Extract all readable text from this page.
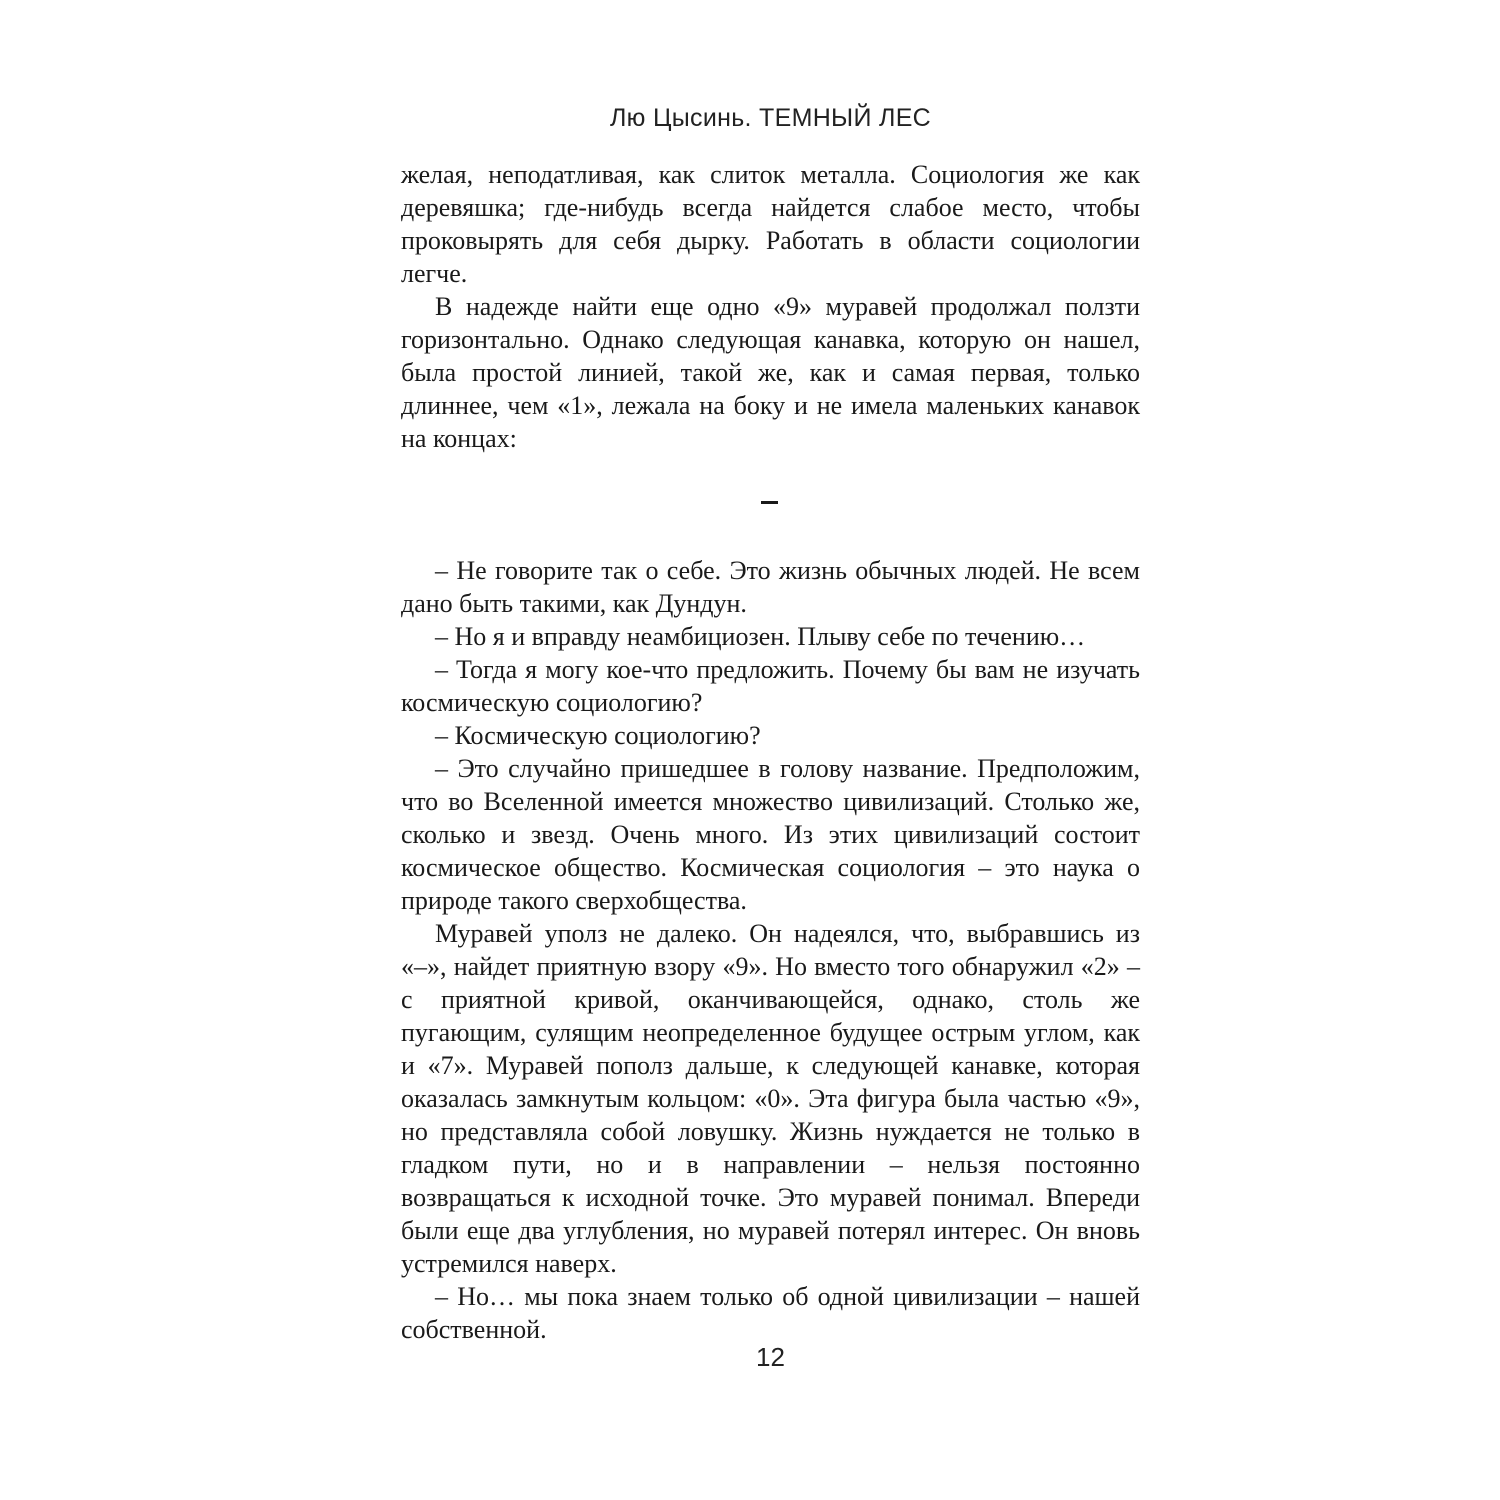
Лю Цысинь. ТЕМНЫЙ ЛЕС

желая, неподатливая, как слиток металла. Социология же как деревяшка; где-нибудь всегда найдется слабое место, чтобы проковырять для себя дырку. Работать в области социологии легче.

В надежде найти еще одно «9» муравей продолжал ползти горизонтально. Однако следующая канавка, которую он нашел, была простой линией, такой же, как и самая первая, только длиннее, чем «1», лежала на боку и не имела маленьких канавок на концах:

– Не говорите так о себе. Это жизнь обычных людей. Не всем дано быть такими, как Дундун.

– Но я и вправду неамбициозен. Плыву себе по течению…

– Тогда я могу кое-что предложить. Почему бы вам не изучать космическую социологию?

– Космическую социологию?

– Это случайно пришедшее в голову название. Предположим, что во Вселенной имеется множество цивилизаций. Столько же, сколько и звезд. Очень много. Из этих цивилизаций состоит космическое общество. Космическая социология – это наука о природе такого сверхобщества.

Муравей уполз не далеко. Он надеялся, что, выбравшись из «–», найдет приятную взору «9». Но вместо того обнаружил «2» – с приятной кривой, оканчивающейся, однако, столь же пугающим, сулящим неопределенное будущее острым углом, как и «7». Муравей пополз дальше, к следующей канавке, которая оказалась замкнутым кольцом: «0». Эта фигура была частью «9», но представляла собой ловушку. Жизнь нуждается не только в гладком пути, но и в направлении – нельзя постоянно возвращаться к исходной точке. Это муравей понимал. Впереди были еще два углубления, но муравей потерял интерес. Он вновь устремился наверх.

– Но… мы пока знаем только об одной цивилизации – нашей собственной.

12
